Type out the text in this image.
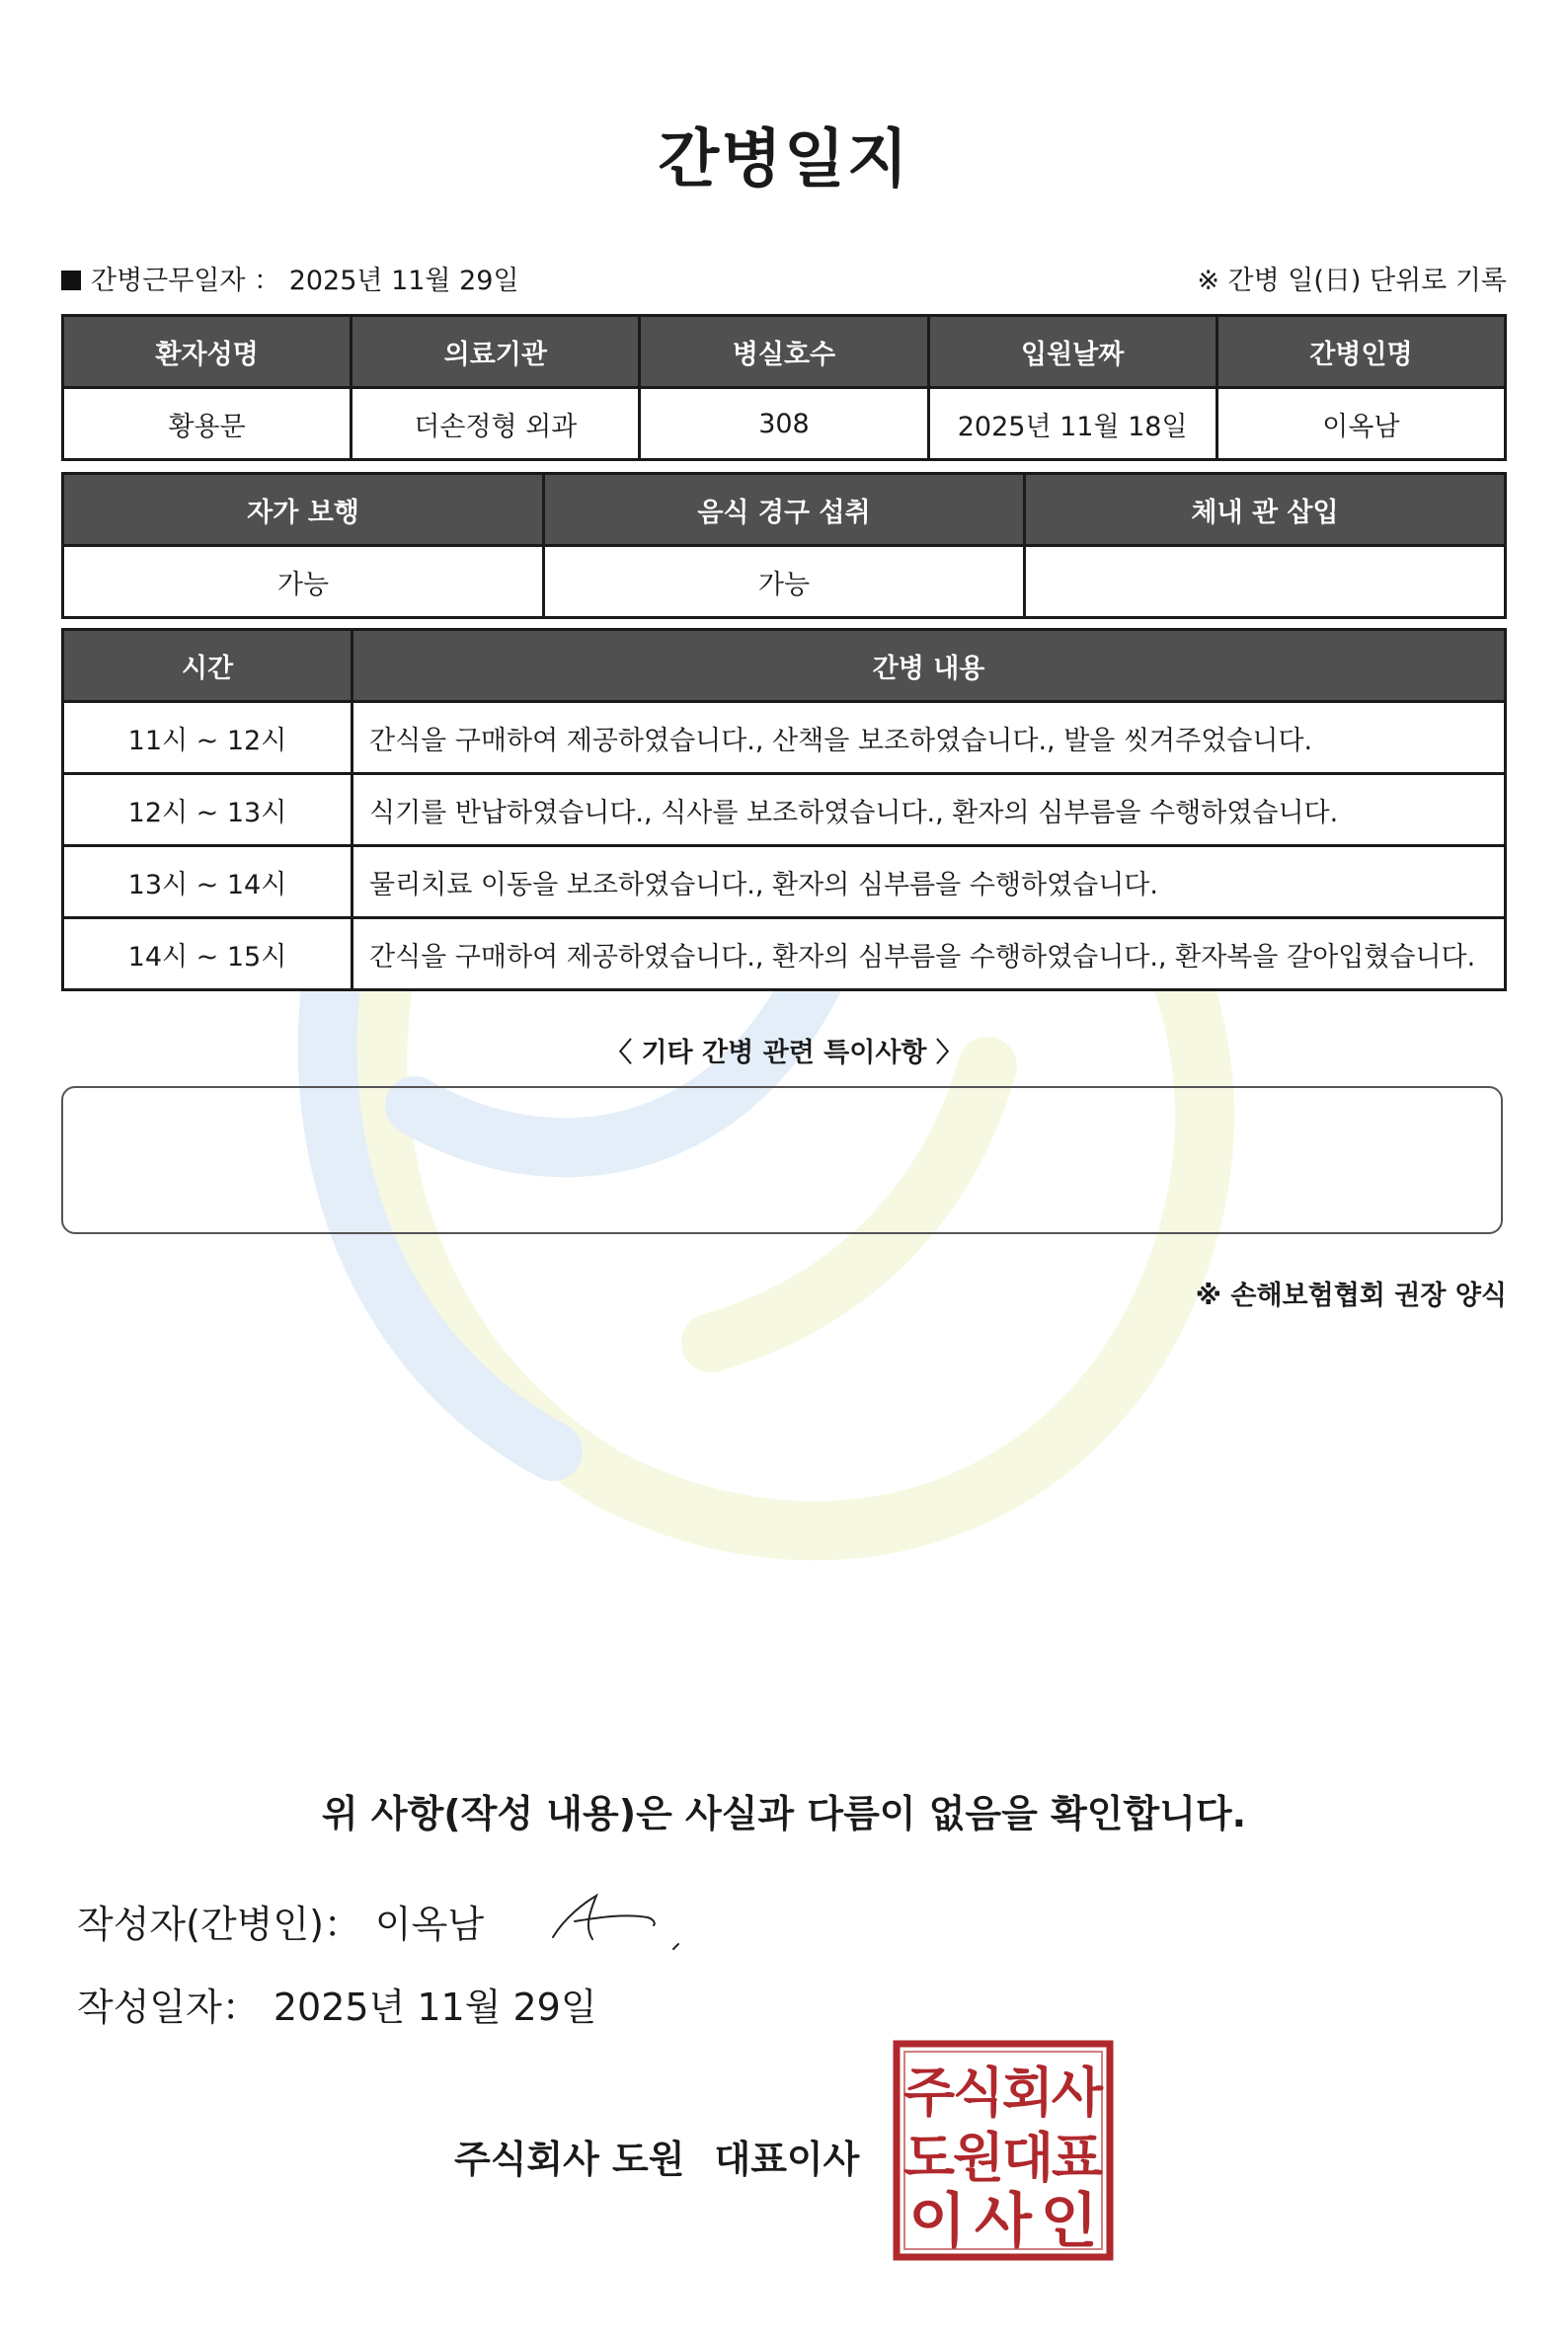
간병일지
간병근무일자 ： 2025년 11월 29일	※ 간병 일(日) 단위로 기록
환자성명	의료기관	병실호수	입원날짜	간병인명
황용문	더손정형 외과	308	2025년 11월 18일	이옥남
자가 보행	음식 경구 섭취	체내 관 삽입
가능	가능	
시간	간병 내용
11시 ~ 12시	간식을 구매하여 제공하였습니다., 산책을 보조하였습니다., 발을 씻겨주었습니다.
12시 ~ 13시	식기를 반납하였습니다., 식사를 보조하였습니다., 환자의 심부름을 수행하였습니다.
13시 ~ 14시	물리치료 이동을 보조하였습니다., 환자의 심부름을 수행하였습니다.
14시 ~ 15시	간식을 구매하여 제공하였습니다., 환자의 심부름을 수행하였습니다., 환자복을 갈아입혔습니다.
〈 기타 간병 관련 특이사항 〉
※ 손해보험협회 권장 양식
위 사항(작성 내용)은 사실과 다름이 없음을 확인합니다.
작성자(간병인)： 이옥남
작성일자： 2025년 11월 29일
주식회사 도원 대표이사
주
식
회
사
도
원
대
표
이 사 인
